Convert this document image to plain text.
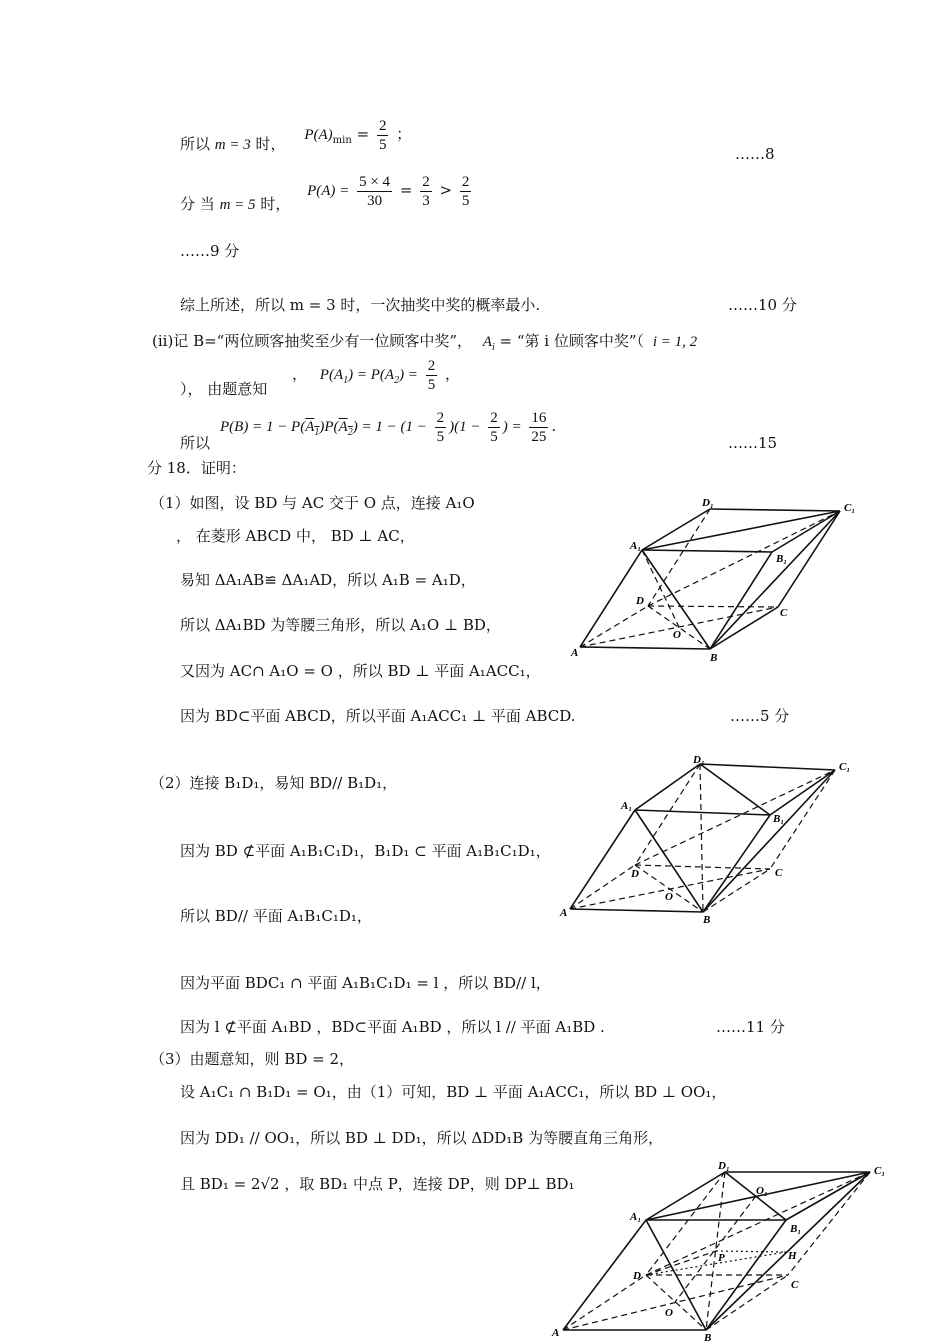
所以 m = 3 时， $P(A)_{min} = \frac{2}{5}$ ；
……8
分 当 m = 5 时， $P(A) = \frac{5 \times 4}{30} = \frac{2}{3} > \frac{2}{5}$
……9 分
综上所述，所以 m = 3 时，一次抽奖中奖的概率最小.	……10 分
(ii)记 B=“两位顾客抽奖至少有一位顾客中奖”， $A_i$ = “第 i 位顾客中奖”（ i = 1, 2
， $P(A_1) = P(A_2) = \frac{2}{5}$ ，
）， 由题意知
所以
$P(B) = 1 - P(A_1)P(A_2) = 1 - (1 - \frac{2}{5} )(1 - \frac{2}{5}$ ) = $\frac{16}{25}$ .
……15
分 18．证明：
（1）如图，设 BD 与 AC 交于 O 点，连接 A₁O
， 在菱形 ABCD 中， BD ⊥ AC，
易知 ΔA₁AB≌ ΔA₁AD，所以 A₁B = A₁D，
所以 ΔA₁BD 为等腰三角形，所以 A₁O ⊥ BD，
又因为 AC∩ A₁O = O ，所以 BD ⊥ 平面 A₁ACC₁，
因为 BD⊂平面 ABCD，所以平面 A₁ACC₁ ⊥ 平面 ABCD.	……5 分
（2）连接 B₁D₁，易知 BD// B₁D₁，
因为 BD ⊄平面 A₁B₁C₁D₁，B₁D₁ ⊂ 平面 A₁B₁C₁D₁，
所以 BD// 平面 A₁B₁C₁D₁，
因为平面 BDC₁ ∩ 平面 A₁B₁C₁D₁ = l ，所以 BD// l，
因为 l ⊄平面 A₁BD ，BD⊂平面 A₁BD ，所以 l // 平面 A₁BD .	……11 分
（3）由题意知，则 BD = 2，
设 A₁C₁ ∩ B₁D₁ = O₁，由（1）可知，BD ⊥ 平面 A₁ACC₁，所以 BD ⊥ OO₁，
因为 DD₁ // OO₁，所以 BD ⊥ DD₁，所以 ΔDD₁B 为等腰直角三角形，
且 BD₁ = 2√2 ，取 BD₁ 中点 P，连接 DP，则 DP⊥ BD₁
D₁	C₁
A₁
B₁
D
C
O
A	B
D₁
C₁
A₁
B₁
D	C
O
A
B
D₁
O₁
C₁
A₁
B₁
P	H
D
C
O
A	B
